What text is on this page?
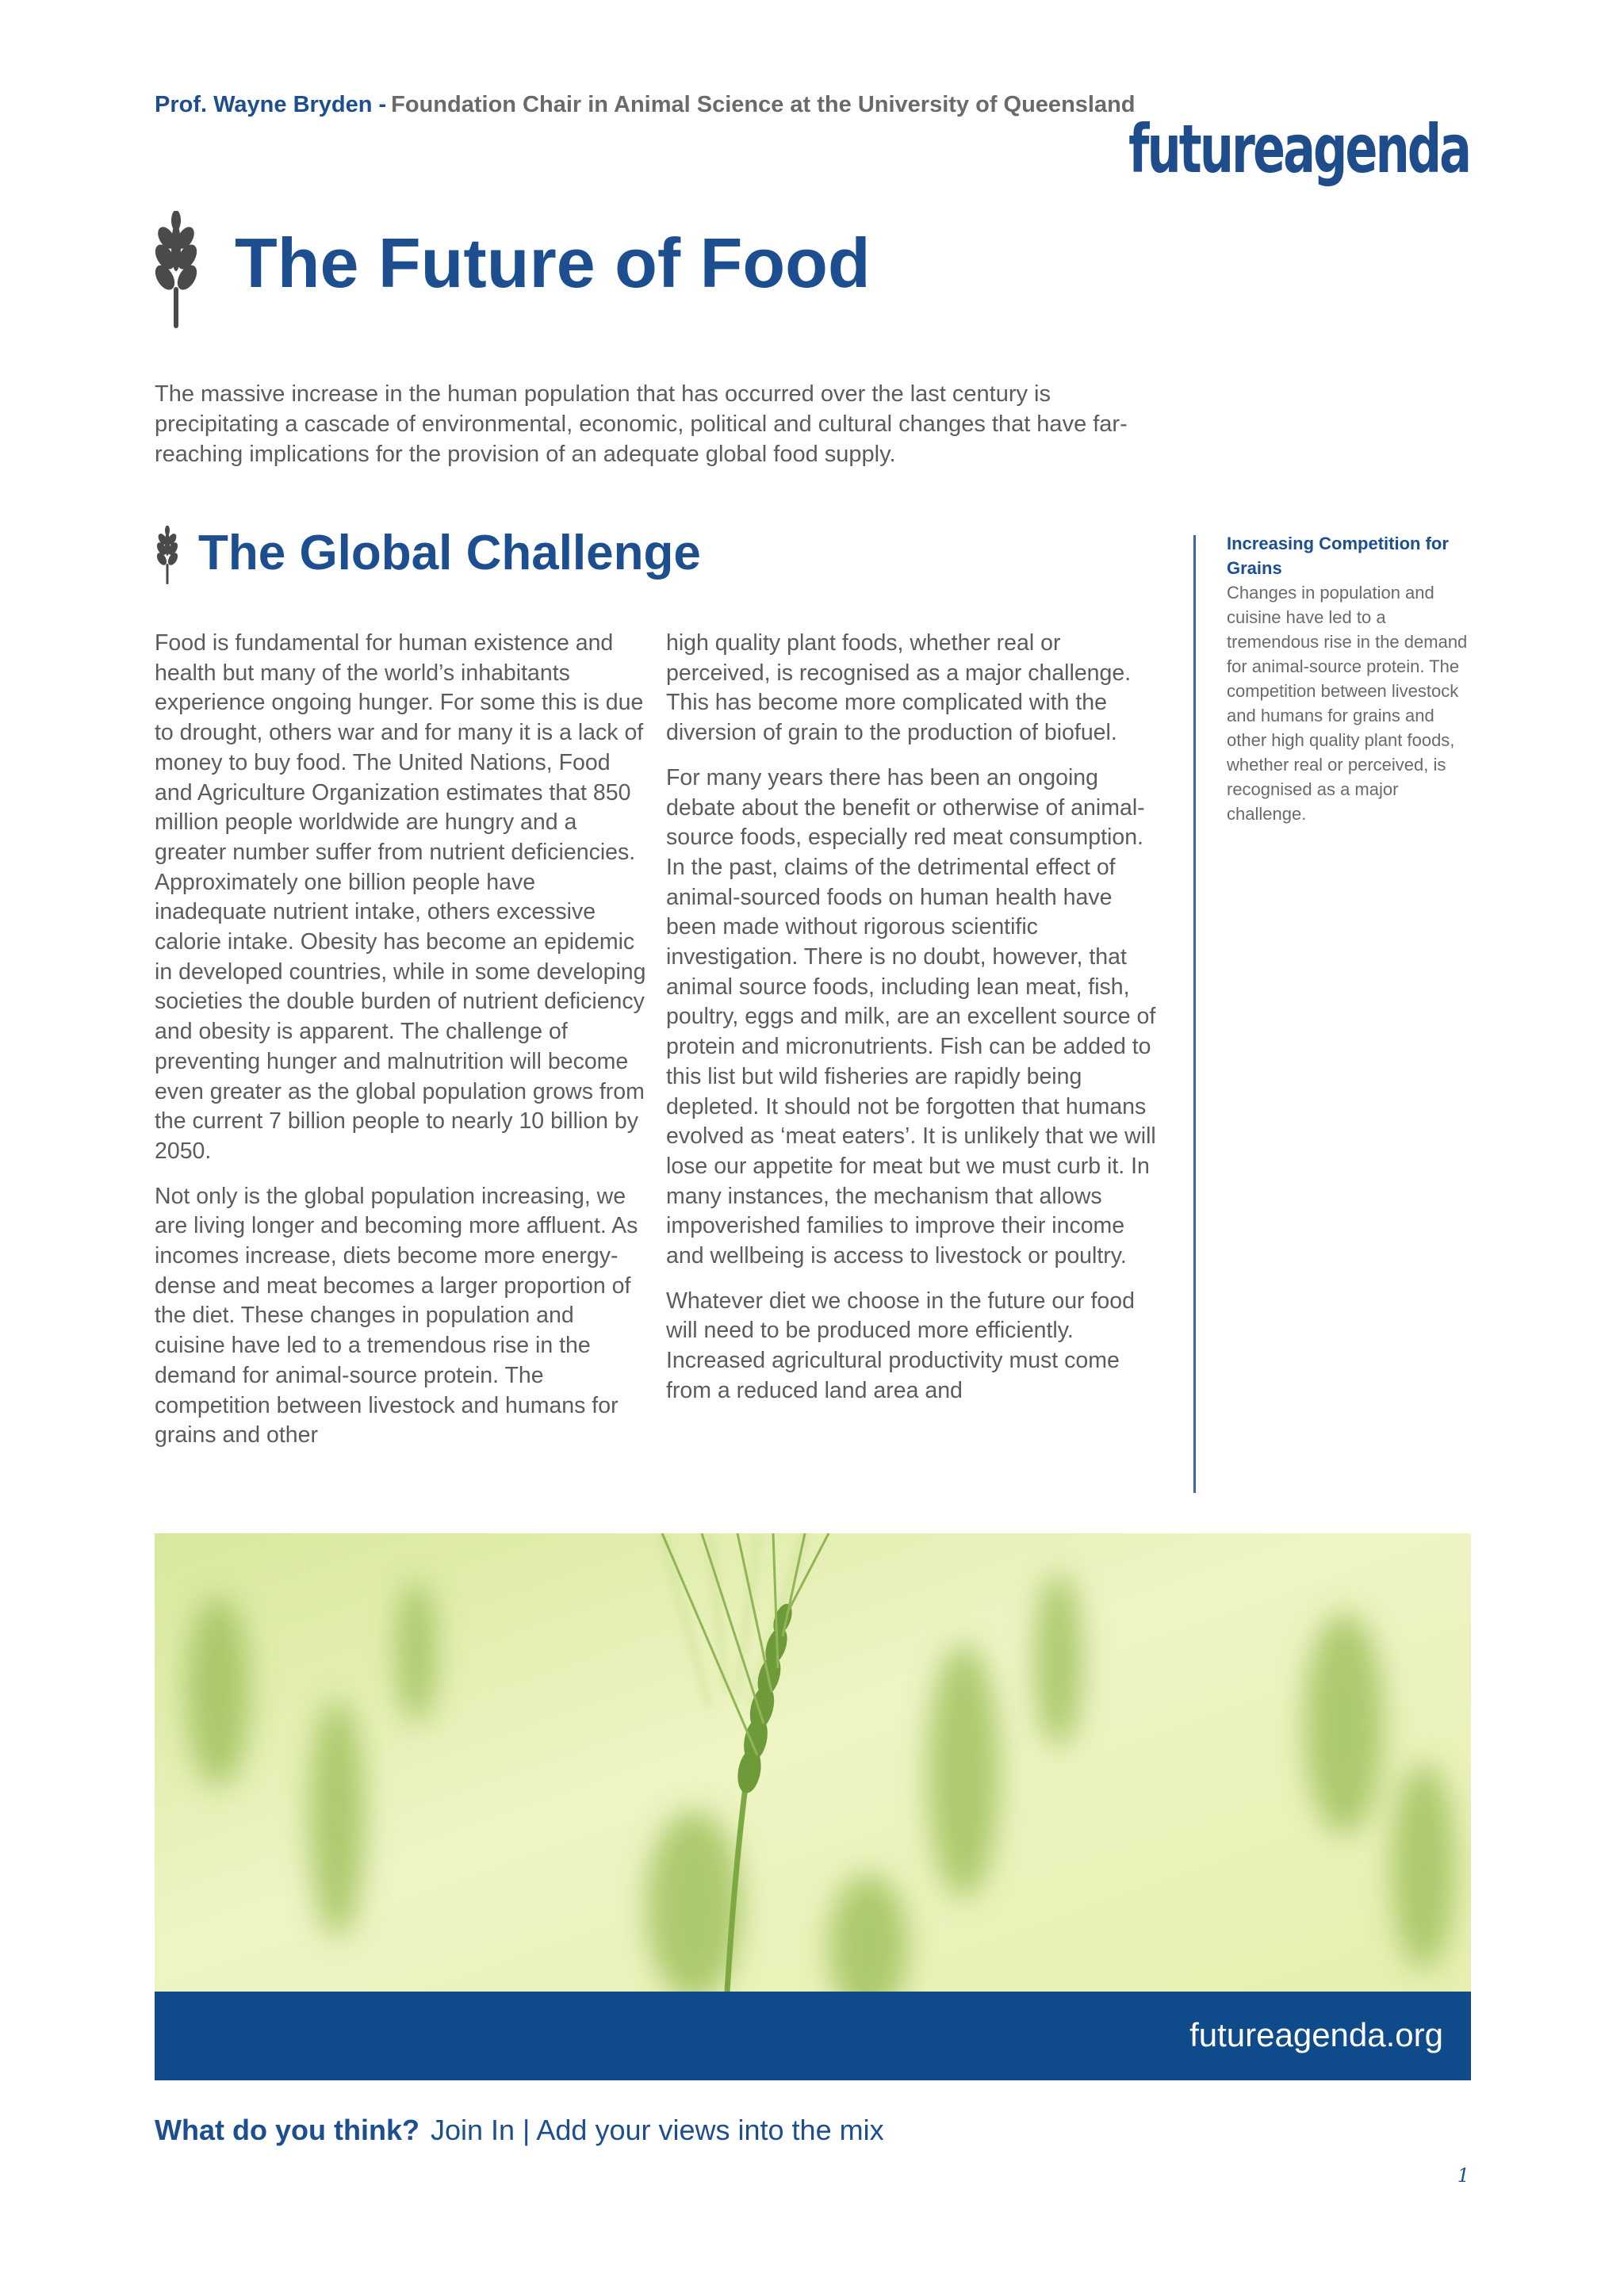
Prof. Wayne Bryden - Foundation Chair in Animal Science at the University of Queensland
futureagenda
The Future of Food

The massive increase in the human population that has occurred over the last century is precipitating a cascade of environmental, economic, political and cultural changes that have far-reaching implications for the provision of an adequate global food supply.

The Global Challenge

Food is fundamental for human existence and health but many of the world’s inhabitants experience ongoing hunger. For some this is due to drought, others war and for many it is a lack of money to buy food. The United Nations, Food and Agriculture Organization estimates that 850 million people worldwide are hungry and a greater number suffer from nutrient deficiencies. Approximately one billion people have inadequate nutrient intake, others excessive calorie intake. Obesity has become an epidemic in developed countries, while in some developing societies the double burden of nutrient deficiency and obesity is apparent. The challenge of preventing hunger and malnutrition will become even greater as the global population grows from the current 7 billion people to nearly 10 billion by 2050.

Not only is the global population increasing, we are living longer and becoming more affluent. As incomes increase, diets become more energy-dense and meat becomes a larger proportion of the diet. These changes in population and cuisine have led to a tremendous rise in the demand for animal-source protein. The competition between livestock and humans for grains and other

high quality plant foods, whether real or perceived, is recognised as a major challenge. This has become more complicated with the diversion of grain to the production of biofuel.

For many years there has been an ongoing debate about the benefit or otherwise of animal-source foods, especially red meat consumption. In the past, claims of the detrimental effect of animal-sourced foods on human health have been made without rigorous scientific investigation. There is no doubt, however, that animal source foods, including lean meat, fish, poultry, eggs and milk, are an excellent source of protein and micronutrients. Fish can be added to this list but wild fisheries are rapidly being depleted. It should not be forgotten that humans evolved as ‘meat eaters’. It is unlikely that we will lose our appetite for meat but we must curb it. In many instances, the mechanism that allows impoverished families to improve their income and wellbeing is access to livestock or poultry.

Whatever diet we choose in the future our food will need to be produced more efficiently. Increased agricultural productivity must come from a reduced land area and

Increasing Competition for Grains

Changes in population and cuisine have led to a tremendous rise in the demand for animal-source protein. The competition between livestock and humans for grains and other high quality plant foods, whether real or perceived, is recognised as a major challenge.

futureagenda.org
What do you think? Join In | Add your views into the mix
1
